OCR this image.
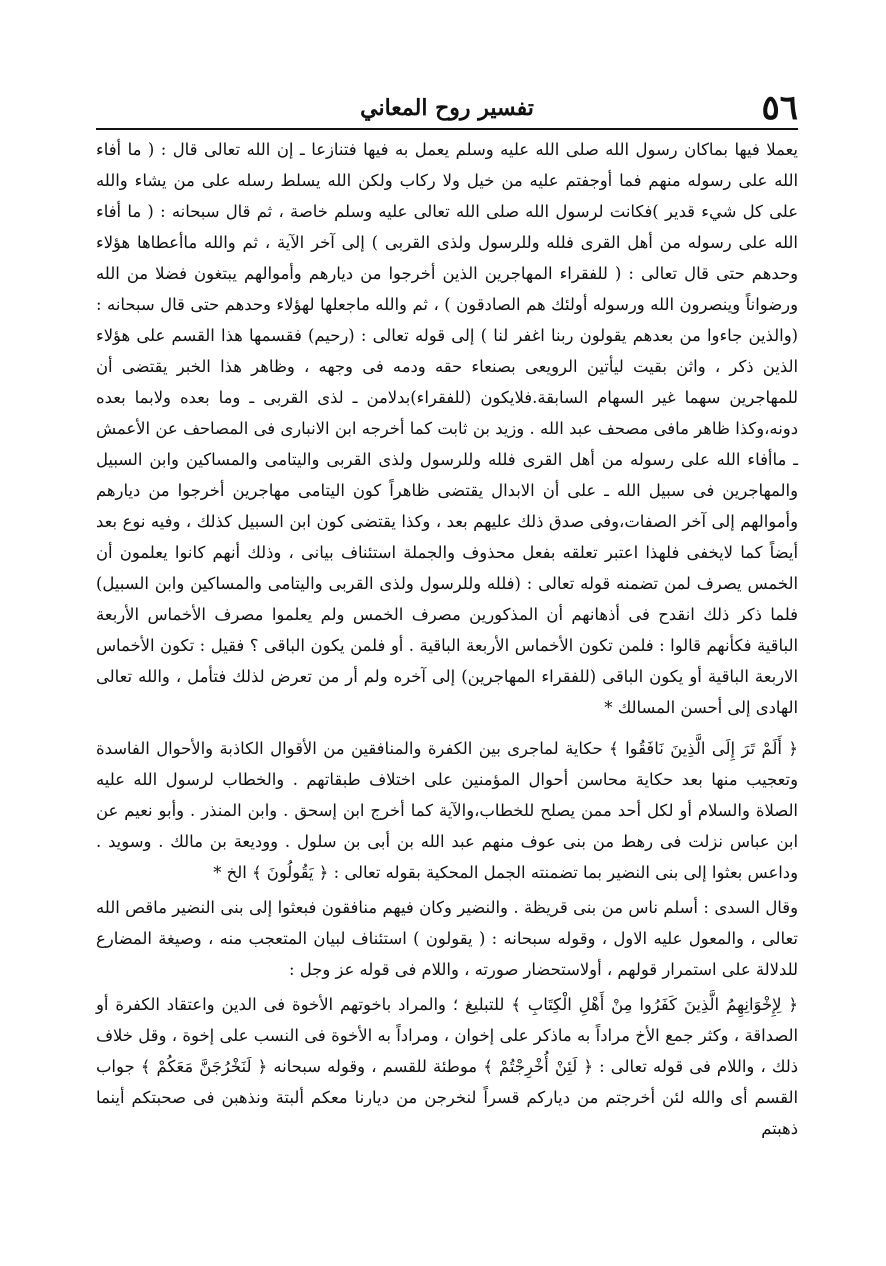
٥٦
تفسير روح المعاني

يعملا فيها بماكان رسول الله صلى الله عليه وسلم يعمل به فيها فتنازعا ـ إن الله تعالى قال : ( ما أفاء الله على رسوله منهم فما أوجفتم عليه من خيل ولا ركاب ولكن الله يسلط رسله على من يشاء والله على كل شيء قدير )فكانت لرسول الله صلى الله تعالى عليه وسلم خاصة ، ثم قال سبحانه : ( ما أفاء الله على رسوله من أهل القرى فلله وللرسول ولذى القربى ) إلى آخر الآية ، ثم والله ماأعطاها هؤلاء وحدهم حتى قال تعالى : ( للفقراء المهاجرين الذين أخرجوا من ديارهم وأموالهم يبتغون فضلا من الله ورضواناً وينصرون الله ورسوله أولئك هم الصادقون ) ، ثم والله ماجعلها لهؤلاء وحدهم حتى قال سبحانه : (والذين جاءوا من بعدهم يقولون ربنا اغفر لنا ) إلى قوله تعالى : (رحيم) فقسمها هذا القسم على هؤلاء الذين ذكر ، واثن بقيت ليأتين الرويعى بصنعاء حقه ودمه فى وجهه ، وظاهر هذا الخبر يقتضى أن للمهاجرين سهما غير السهام السابقة.فلايكون (للفقراء)بدلامن ـ لذى القربى ـ وما بعده ولابما بعده دونه،وكذا ظاهر مافى مصحف عبد الله . وزيد بن ثابت كما أخرجه ابن الانبارى فى المصاحف عن الأعمش ـ ماأفاء الله على رسوله من أهل القرى فلله وللرسول ولذى القربى واليتامى والمساكين وابن السبيل والمهاجرين فى سبيل الله ـ على أن الابدال يقتضى ظاهراً كون اليتامى مهاجرين أخرجوا من ديارهم وأموالهم إلى آخر الصفات،وفى صدق ذلك عليهم بعد ، وكذا يقتضى كون ابن السبيل كذلك ، وفيه نوع بعد أيضاً كما لايخفى فلهذا اعتبر تعلقه بفعل محذوف والجملة استئناف بيانى ، وذلك أنهم كانوا يعلمون أن الخمس يصرف لمن تضمنه قوله تعالى : (فلله وللرسول ولذى القربى واليتامى والمساكين وابن السبيل) فلما ذكر ذلك انقدح فى أذهانهم أن المذكورين مصرف الخمس ولم يعلموا مصرف الأخماس الأربعة الباقية فكأنهم قالوا : فلمن تكون الأخماس الأربعة الباقية . أو فلمن يكون الباقى ؟ فقيل : تكون الأخماس الاربعة الباقية أو يكون الباقى (للفقراء المهاجرين) إلى آخره ولم أر من تعرض لذلك فتأمل ، والله تعالى الهادى إلى أحسن المسالك *

﴿ أَلَمْ تَرَ إِلَى الَّذِينَ نَافَقُوا ﴾ حكاية لماجرى بين الكفرة والمنافقين من الأقوال الكاذبة والأحوال الفاسدة وتعجيب منها بعد حكاية محاسن أحوال المؤمنين على اختلاف طبقاتهم . والخطاب لرسول الله عليه الصلاة والسلام أو لكل أحد ممن يصلح للخطاب،والآية كما أخرج ابن إسحق . وابن المنذر . وأبو نعيم عن ابن عباس نزلت فى رهط من بنى عوف منهم عبد الله بن أبى بن سلول . ووديعة بن مالك . وسويد . وداعس بعثوا إلى بنى النضير بما تضمنته الجمل المحكية بقوله تعالى : ﴿ يَقُولُونَ ﴾ الخ *

وقال السدى : أسلم ناس من بنى قريظة . والنضير وكان فيهم منافقون فبعثوا إلى بنى النضير ماقص الله تعالى ، والمعول عليه الاول ، وقوله سبحانه : ( يقولون ) استئناف لبيان المتعجب منه ، وصيغة المضارع للدلالة على استمرار قولهم ، أولاستحضار صورته ، واللام فى قوله عز وجل :

﴿ لِإِخْوَانِهِمُ الَّذِينَ كَفَرُوا مِنْ أَهْلِ الْكِتَابِ ﴾ للتبليغ ؛ والمراد باخوتهم الأخوة فى الدين واعتقاد الكفرة أو الصداقة ، وكثر جمع الأخ مراداً به ماذكر على إخوان ، ومراداً به الأخوة فى النسب على إخوة ، وقل خلاف ذلك ، واللام فى قوله تعالى : ﴿ لَئِنْ أُخْرِجْتُمْ ﴾ موطئة للقسم ، وقوله سبحانه ﴿ لَنَخْرُجَنَّ مَعَكُمْ ﴾ جواب القسم أى والله لئن أخرجتم من دياركم قسراً لنخرجن من ديارنا معكم ألبتة ونذهبن فى صحبتكم أينما ذهبتم
